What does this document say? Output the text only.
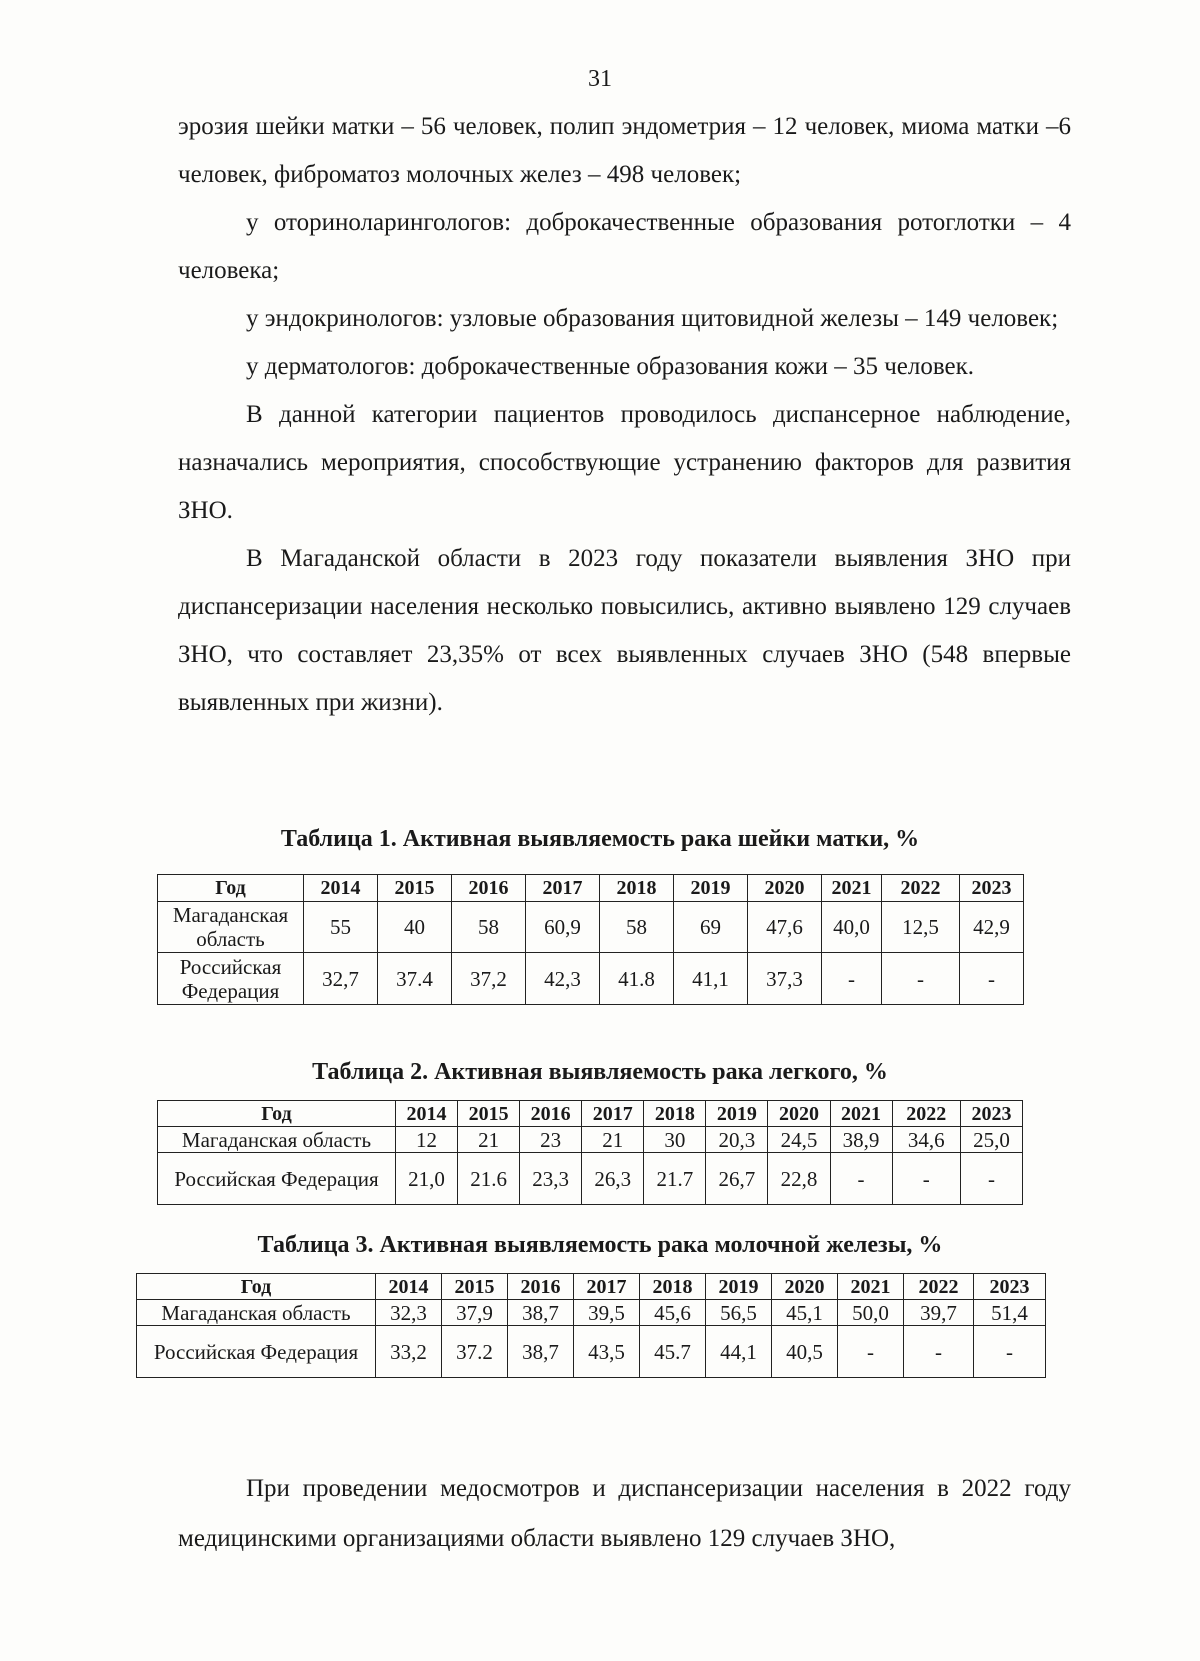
31

эрозия шейки матки – 56 человек, полип эндометрия – 12 человек, миома матки –6 человек, фиброматоз молочных желез – 498 человек;

у оториноларингологов: доброкачественные образования ротоглотки – 4 человека;

у эндокринологов: узловые образования щитовидной железы – 149 человек;

у дерматологов: доброкачественные образования кожи – 35 человек.

В данной категории пациентов проводилось диспансерное наблюдение, назначались мероприятия, способствующие устранению факторов для развития ЗНО.

В Магаданской области в 2023 году показатели выявления ЗНО при диспансеризации населения несколько повысились, активно выявлено 129 случаев ЗНО, что составляет 23,35% от всех выявленных случаев ЗНО (548 впервые выявленных при жизни).

Таблица 1. Активная выявляемость рака шейки матки, %
Год	2014	2015	2016	2017	2018	2019	2020	2021	2022	2023
Магаданская область	55	40	58	60,9	58	69	47,6	40,0	12,5	42,9
Российская Федерация	32,7	37.4	37,2	42,3	41.8	41,1	37,3	-	-	-
Таблица 2. Активная выявляемость рака легкого, %
Год	2014	2015	2016	2017	2018	2019	2020	2021	2022	2023
Магаданская область	12	21	23	21	30	20,3	24,5	38,9	34,6	25,0
Российская Федерация	21,0	21.6	23,3	26,3	21.7	26,7	22,8	-	-	-
Таблица 3. Активная выявляемость рака молочной железы, %
Год	2014	2015	2016	2017	2018	2019	2020	2021	2022	2023
Магаданская область	32,3	37,9	38,7	39,5	45,6	56,5	45,1	50,0	39,7	51,4
Российская Федерация	33,2	37.2	38,7	43,5	45.7	44,1	40,5	-	-	-

При проведении медосмотров и диспансеризации населения в 2022 году медицинскими организациями области выявлено 129 случаев ЗНО,
